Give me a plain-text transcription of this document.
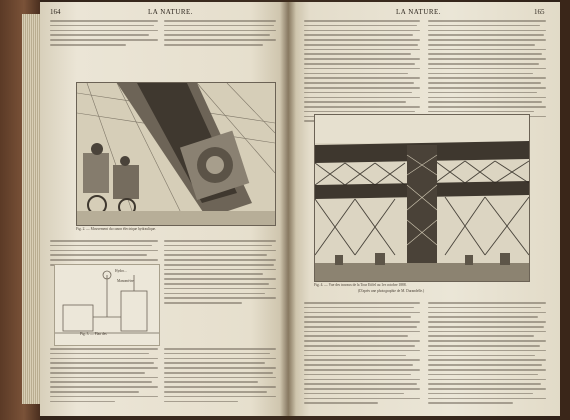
164	LA NATURE.
Fig. 2. — Mouvement du canon électrique hydraulique.
Hydro...
Manomètre
Fig. 3. — Plan des
LA NATURE.	165
Fig. 4. — Vue des travaux de la Tour Eiffel au 1er octobre 1888.
(D'après une photographie de M. Durandelle.)
